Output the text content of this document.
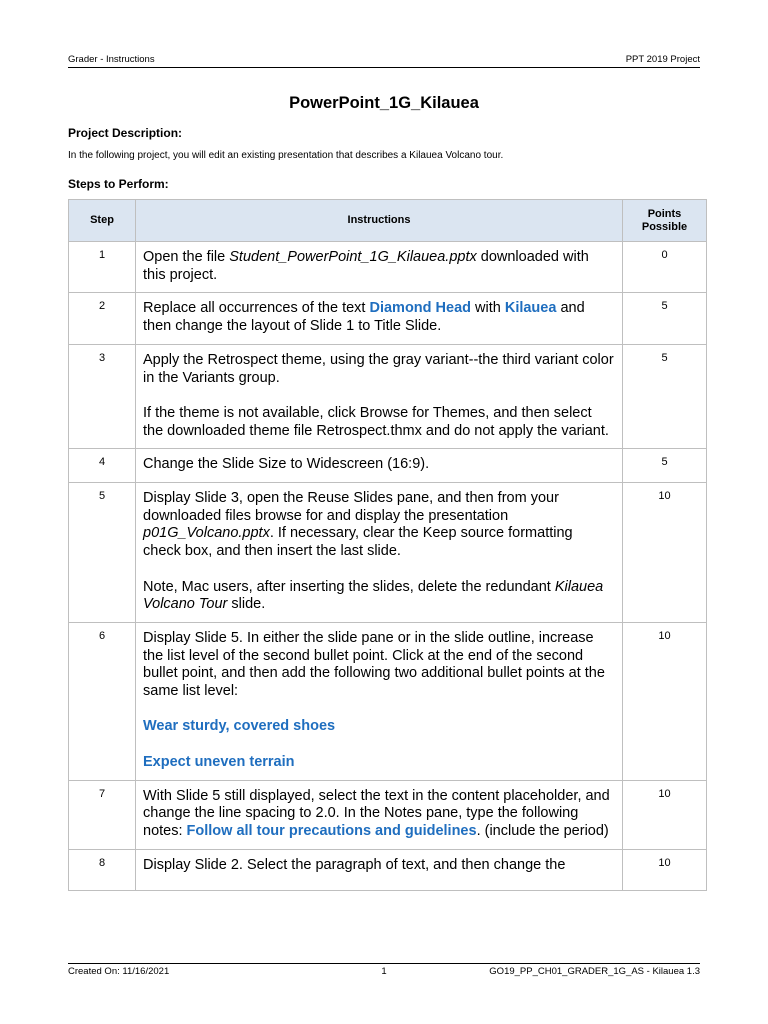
Grader - Instructions	PPT 2019 Project
PowerPoint_1G_Kilauea
Project Description:
In the following project, you will edit an existing presentation that describes a Kilauea Volcano tour.
Steps to Perform:
Step	Instructions	Points
Possible
1	Open the file Student_PowerPoint_1G_Kilauea.pptx downloaded with this project.	0
2	Replace all occurrences of the text Diamond Head with Kilauea and then change the layout of Slide 1 to Title Slide.	5
3	Apply the Retrospect theme, using the gray variant--the third variant color in the Variants group.

If the theme is not available, click Browse for Themes, and then select the downloaded theme file Retrospect.thmx and do not apply the variant.	5
4	Change the Slide Size to Widescreen (16:9).	5
5	Display Slide 3, open the Reuse Slides pane, and then from your downloaded files browse for and display the presentation p01G_Volcano.pptx. If necessary, clear the Keep source formatting check box, and then insert the last slide.

Note, Mac users, after inserting the slides, delete the redundant Kilauea Volcano Tour slide.	10
6	Display Slide 5. In either the slide pane or in the slide outline, increase the list level of the second bullet point. Click at the end of the second bullet point, and then add the following two additional bullet points at the same list level:

Wear sturdy, covered shoes

Expect uneven terrain	10
7	With Slide 5 still displayed, select the text in the content placeholder, and change the line spacing to 2.0. In the Notes pane, type the following notes: Follow all tour precautions and guidelines. (include the period)	10
8	Display Slide 2. Select the paragraph of text, and then change the	10
Created On: 11/16/2021	1	GO19_PP_CH01_GRADER_1G_AS - Kilauea 1.3
